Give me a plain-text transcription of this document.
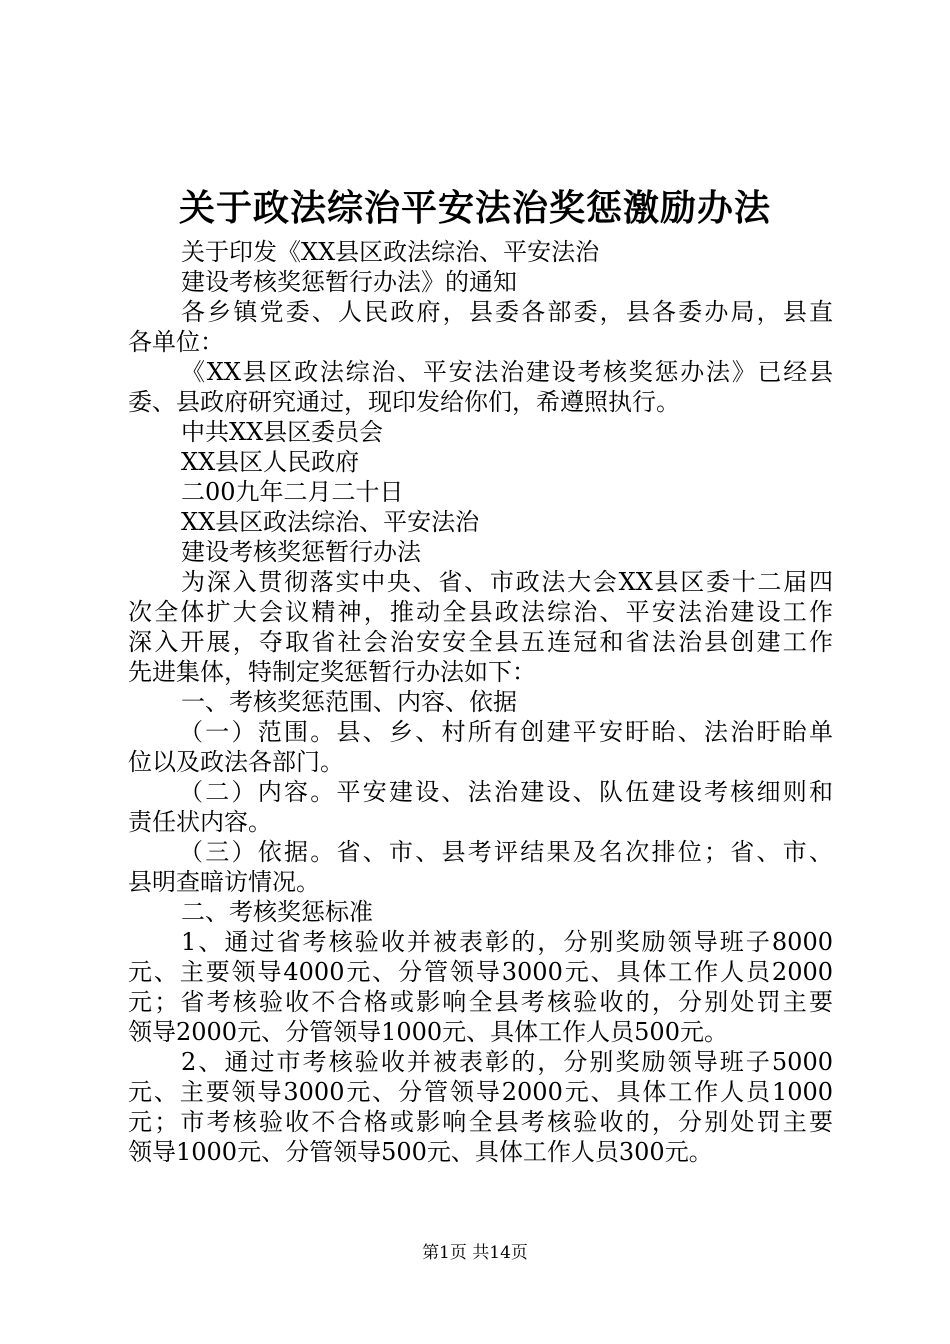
关于政法综治平安法治奖惩激励办法
关于印发《XX县区政法综治、平安法治
建设考核奖惩暂行办法》的通知
各乡镇党委、人民政府，县委各部委，县各委办局，县直
各单位：
《XX县区政法综治、平安法治建设考核奖惩办法》已经县
委、县政府研究通过，现印发给你们，希遵照执行。
中共XX县区委员会
XX县区人民政府
二00九年二月二十日
XX县区政法综治、平安法治
建设考核奖惩暂行办法
为深入贯彻落实中央、省、市政法大会XX县区委十二届四
次全体扩大会议精神，推动全县政法综治、平安法治建设工作
深入开展，夺取省社会治安安全县五连冠和省法治县创建工作
先进集体，特制定奖惩暂行办法如下：
一、考核奖惩范围、内容、依据
（一）范围。县、乡、村所有创建平安盱眙、法治盱眙单
位以及政法各部门。
（二）内容。平安建设、法治建设、队伍建设考核细则和
责任状内容。
（三）依据。省、市、县考评结果及名次排位；省、市、
县明查暗访情况。
二、考核奖惩标准
1、通过省考核验收并被表彰的，分别奖励领导班子8000
元、主要领导4000元、分管领导3000元、具体工作人员2000
元；省考核验收不合格或影响全县考核验收的，分别处罚主要
领导2000元、分管领导1000元、具体工作人员500元。
2、通过市考核验收并被表彰的，分别奖励领导班子5000
元、主要领导3000元、分管领导2000元、具体工作人员1000
元；市考核验收不合格或影响全县考核验收的，分别处罚主要
领导1000元、分管领导500元、具体工作人员300元。
第1页 共14页
